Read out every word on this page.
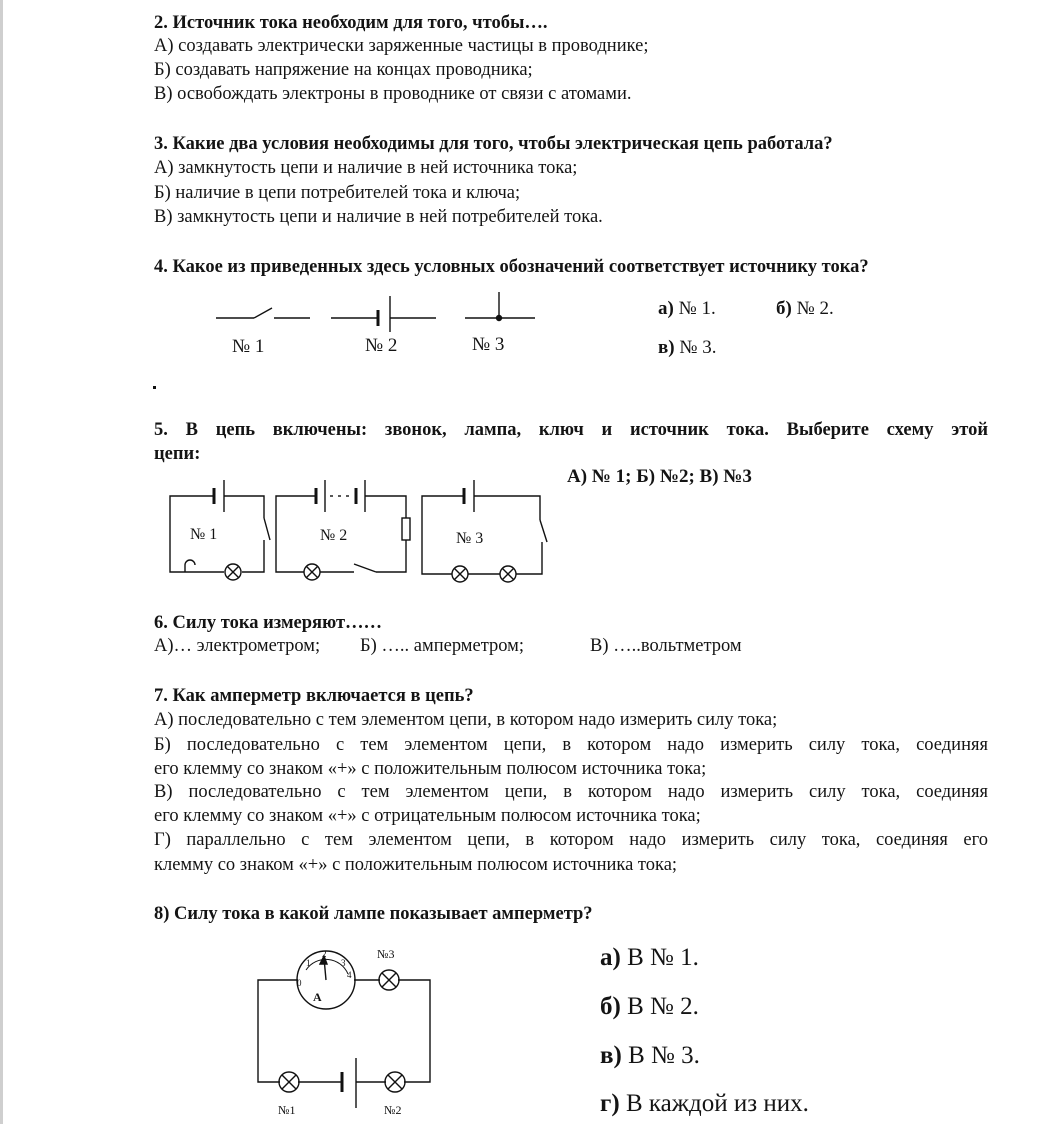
2. Источник тока необходим для того, чтобы….
А) создавать электрически заряженные частицы в проводнике;
Б) создавать напряжение на концах проводника;
В) освобождать электроны в проводнике от связи с атомами.
3. Какие два условия необходимы для того, чтобы электрическая цепь работала?
А) замкнутость цепи и наличие в ней источника тока;
Б) наличие в цепи потребителей тока и ключа;
В) замкнутость цепи и наличие в ней потребителей тока.
4. Какое из приведенных здесь условных обозначений соответствует источнику тока?
№ 1	№ 2	№ 3
а) № 1.	б) № 2.
в) № 3.
5. В цепь включены: звонок, лампа, ключ и источник тока. Выберите схему этой
цепи:
А) № 1; Б) №2; В) №3
№ 1	№ 2	№ 3
6. Силу тока измеряют……
А)… электрометром; Б) ….. амперметром;	В) …..вольтметром
7. Как амперметр включается в цепь?
А) последовательно с тем элементом цепи, в котором надо измерить силу тока;
Б) последовательно с тем элементом цепи, в котором надо измерить силу тока, соединяя
его клемму со знаком «+» с положительным полюсом источника тока;
В) последовательно с тем элементом цепи, в котором надо измерить силу тока, соединяя
его клемму со знаком «+» с отрицательным полюсом источника тока;
Г) параллельно с тем элементом цепи, в котором надо измерить силу тока, соединяя его
клемму со знаком «+» с положительным полюсом источника тока;
8) Силу тока в какой лампе показывает амперметр?
A
0
1
2
3
4
№3
№1	№2
а) В № 1.
б) В № 2.
в) В № 3.
г) В каждой из них.
